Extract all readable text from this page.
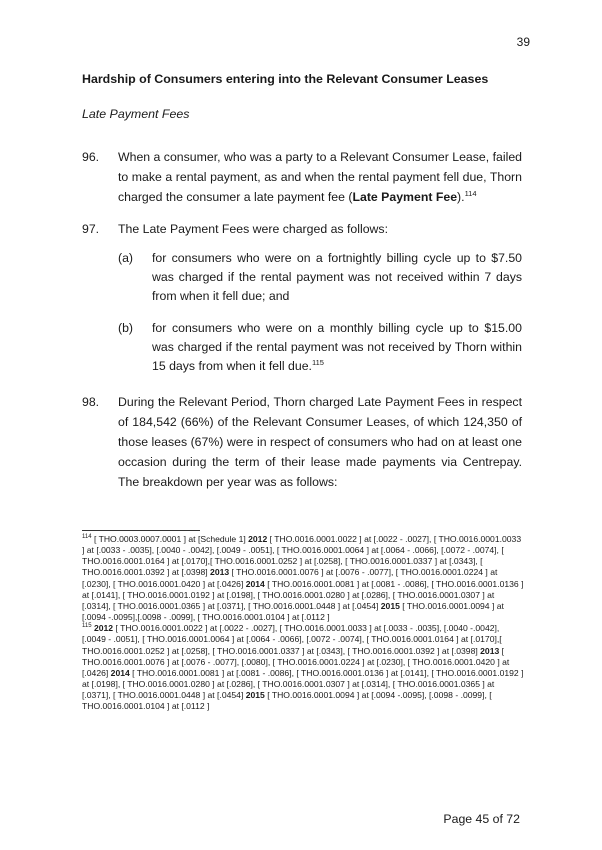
39
Hardship of Consumers entering into the Relevant Consumer Leases
Late Payment Fees
96. When a consumer, who was a party to a Relevant Consumer Lease, failed to make a rental payment, as and when the rental payment fell due, Thorn charged the consumer a late payment fee (Late Payment Fee).$^{114}$
97. The Late Payment Fees were charged as follows:
(a) for consumers who were on a fortnightly billing cycle up to $7.50 was charged if the rental payment was not received within 7 days from when it fell due; and
(b) for consumers who were on a monthly billing cycle up to $15.00 was charged if the rental payment was not received by Thorn within 15 days from when it fell due.$^{115}$
98. During the Relevant Period, Thorn charged Late Payment Fees in respect of 184,542 (66%) of the Relevant Consumer Leases, of which 124,350 of those leases (67%) were in respect of consumers who had on at least one occasion during the term of their lease made payments via Centrepay. The breakdown per year was as follows:

$^{114}$ [ THO.0003.0007.0001 ] at [Schedule 1] 2012 [ THO.0016.0001.0022 ] at [.0022 - .0027], [ THO.0016.0001.0033 ] at [.0033 - .0035], [.0040 - .0042], [.0049 - .0051], [ THO.0016.0001.0064 ] at [.0064 - .0066], [.0072 - .0074], [ THO.0016.0001.0164 ] at [.0170],[ THO.0016.0001.0252 ] at [.0258], [ THO.0016.0001.0337 ] at [.0343], [ THO.0016.0001.0392 ] at [.0398] 2013 [ THO.0016.0001.0076 ] at [.0076 - .0077], [ THO.0016.0001.0224 ] at [.0230], [ THO.0016.0001.0420 ] at [.0426] 2014 [ THO.0016.0001.0081 ] at [.0081 - .0086], [ THO.0016.0001.0136 ] at [.0141], [ THO.0016.0001.0192 ] at [.0198], [ THO.0016.0001.0280 ] at [.0286], [ THO.0016.0001.0307 ] at [.0314], [ THO.0016.0001.0365 ] at [.0371], [ THO.0016.0001.0448 ] at [.0454] 2015 [ THO.0016.0001.0094 ] at [.0094 -.0095],[.0098 - .0099], [ THO.0016.0001.0104 ] at [.0112 ]

$^{115}$ 2012 [ THO.0016.0001.0022 ] at [.0022 - .0027], [ THO.0016.0001.0033 ] at [.0033 - .0035], [.0040 -.0042], [.0049 - .0051], [ THO.0016.0001.0064 ] at [.0064 - .0066], [.0072 - .0074], [ THO.0016.0001.0164 ] at [.0170],[ THO.0016.0001.0252 ] at [.0258], [ THO.0016.0001.0337 ] at [.0343], [ THO.0016.0001.0392 ] at [.0398] 2013 [ THO.0016.0001.0076 ] at [.0076 - .0077], [.0080], [ THO.0016.0001.0224 ] at [.0230], [ THO.0016.0001.0420 ] at [.0426] 2014 [ THO.0016.0001.0081 ] at [.0081 - .0086], [ THO.0016.0001.0136 ] at [.0141], [ THO.0016.0001.0192 ] at [.0198], [ THO.0016.0001.0280 ] at [.0286], [ THO.0016.0001.0307 ] at [.0314], [ THO.0016.0001.0365 ] at [.0371], [ THO.0016.0001.0448 ] at [.0454] 2015 [ THO.0016.0001.0094 ] at [.0094 -.0095], [.0098 - .0099], [ THO.0016.0001.0104 ] at [.0112 ]

Page 45 of 72
